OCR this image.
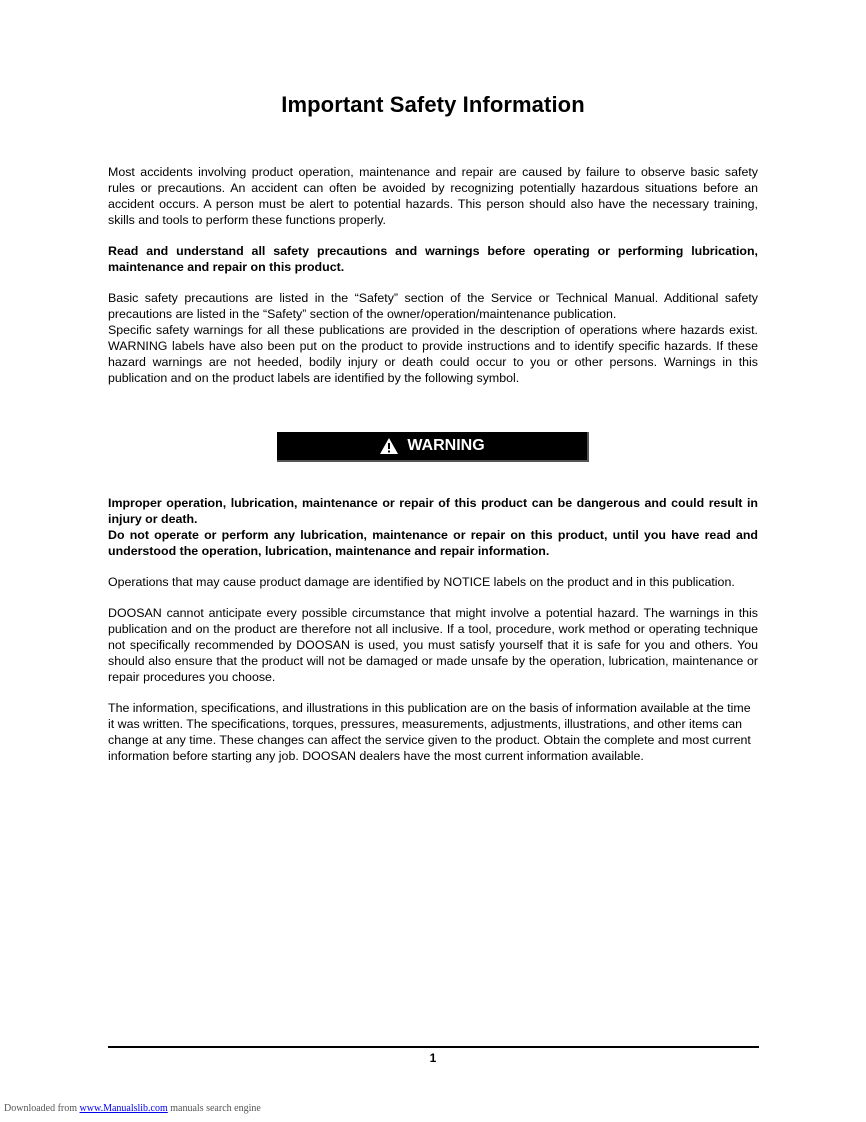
Important Safety Information

Most accidents involving product operation, maintenance and repair are caused by failure to observe basic safety rules or precautions. An accident can often be avoided by recognizing potentially hazardous situations before an accident occurs. A person must be alert to potential hazards. This person should also have the necessary training, skills and tools to perform these functions properly.

Read and understand all safety precautions and warnings before operating or performing lubrication, maintenance and repair on this product.

Basic safety precautions are listed in the “Safety” section of the Service or Technical Manual. Additional safety precautions are listed in the “Safety” section of the owner/operation/maintenance publication.

Specific safety warnings for all these publications are provided in the description of operations where hazards exist. WARNING labels have also been put on the product to provide instructions and to identify specific hazards. If these hazard warnings are not heeded, bodily injury or death could occur to you or other persons. Warnings in this publication and on the product labels are identified by the following symbol.

WARNING

Improper operation, lubrication, maintenance or repair of this product can be dangerous and could result in injury or death.

Do not operate or perform any lubrication, maintenance or repair on this product, until you have read and understood the operation, lubrication, maintenance and repair information.

Operations that may cause product damage are identified by NOTICE labels on the product and in this publication.

DOOSAN cannot anticipate every possible circumstance that might involve a potential hazard. The warnings in this publication and on the product are therefore not all inclusive. If a tool, procedure, work method or operating technique not specifically recommended by DOOSAN is used, you must satisfy yourself that it is safe for you and others. You should also ensure that the product will not be damaged or made unsafe by the operation, lubrication, maintenance or repair procedures you choose.

The information, specifications, and illustrations in this publication are on the basis of information available at the time it was written. The specifications, torques, pressures, measurements, adjustments, illustrations, and other items can change at any time. These changes can affect the service given to the product. Obtain the complete and most current information before starting any job. DOOSAN dealers have the most current information available.

1
Downloaded from www.Manualslib.com manuals search engine
